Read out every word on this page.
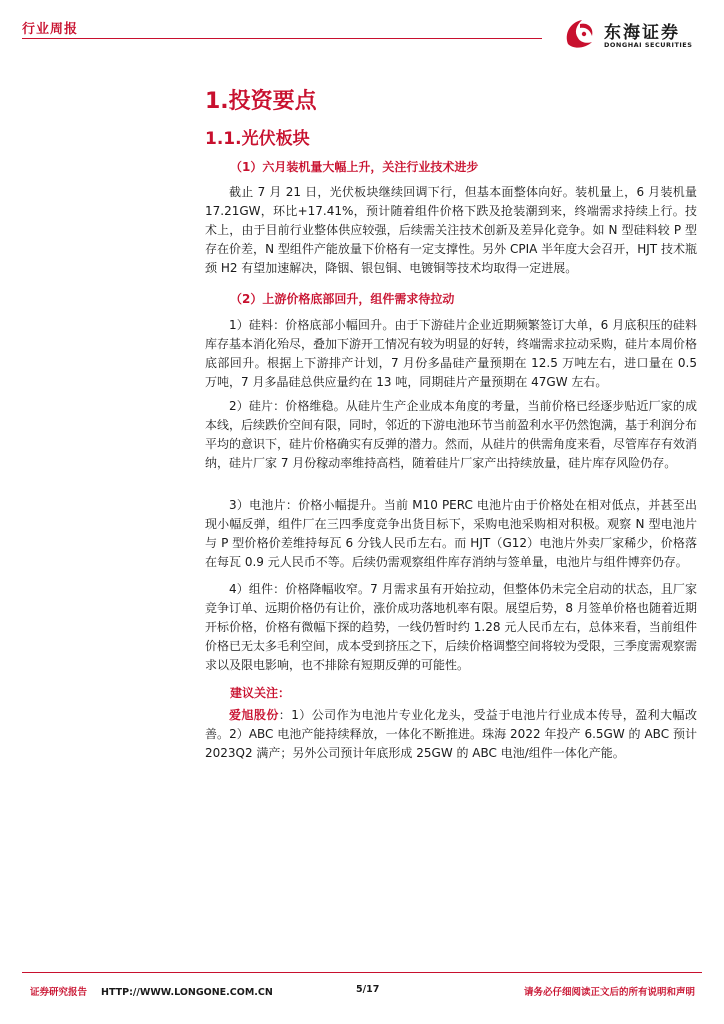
行业周报	东海证券
DONGHAI SECURITIES
1.投资要点
1.1.光伏板块
（1）六月装机量大幅上升，关注行业技术进步
截止 7 月 21 日，光伏板块继续回调下行，但基本面整体向好。装机量上，6 月装机量 17.21GW，环比+17.41%，预计随着组件价格下跌及抢装潮到来，终端需求持续上行。技术上，由于目前行业整体供应较强，后续需关注技术创新及差异化竞争。如 N 型硅料较 P 型存在价差，N 型组件产能放量下价格有一定支撑性。另外 CPIA 半年度大会召开，HJT 技术瓶颈 H2 有望加速解决，降铟、银包铜、电镀铜等技术均取得一定进展。
（2）上游价格底部回升，组件需求待拉动
1）硅料：价格底部小幅回升。由于下游硅片企业近期频繁签订大单，6 月底积压的硅料库存基本消化殆尽，叠加下游开工情况有较为明显的好转，终端需求拉动采购，硅片本周价格底部回升。根据上下游排产计划，7 月份多晶硅产量预期在 12.5 万吨左右，进口量在 0.5 万吨，7 月多晶硅总供应量约在 13 吨，同期硅片产量预期在 47GW 左右。
2）硅片：价格维稳。从硅片生产企业成本角度的考量，当前价格已经逐步贴近厂家的成本线，后续跌价空间有限，同时，邻近的下游电池环节当前盈利水平仍然饱满，基于利润分布平均的意识下，硅片价格确实有反弹的潜力。然而，从硅片的供需角度来看，尽管库存有效消纳，硅片厂家 7 月份稼动率维持高档，随着硅片厂家产出持续放量，硅片库存风险仍存。
3）电池片：价格小幅提升。当前 M10 PERC 电池片由于价格处在相对低点，并甚至出现小幅反弹，组件厂在三四季度竞争出货目标下，采购电池采购相对积极。观察 N 型电池片与 P 型价格价差维持每瓦 6 分钱人民币左右。而 HJT（G12）电池片外卖厂家稀少，价格落在每瓦 0.9 元人民币不等。后续仍需观察组件库存消纳与签单量，电池片与组件博弈仍存。
4）组件：价格降幅收窄。7 月需求虽有开始拉动，但整体仍未完全启动的状态，且厂家竞争订单、远期价格仍有让价，涨价成功落地机率有限。展望后势，8 月签单价格也随着近期开标价格，价格有微幅下探的趋势，一线仍暂时约 1.28 元人民币左右，总体来看，当前组件价格已无太多毛利空间，成本受到挤压之下，后续价格调整空间将较为受限，三季度需观察需求以及限电影响，也不排除有短期反弹的可能性。
建议关注：
爱旭股份：1）公司作为电池片专业化龙头，受益于电池片行业成本传导，盈利大幅改善。2）ABC 电池产能持续释放，一体化不断推进。珠海 2022 年投产 6.5GW 的 ABC 预计 2023Q2 满产；另外公司预计年底形成 25GW 的 ABC 电池/组件一体化产能。
证券研究报告 HTTP://WWW.LONGONE.COM.CN	5/17	请务必仔细阅读正文后的所有说明和声明
